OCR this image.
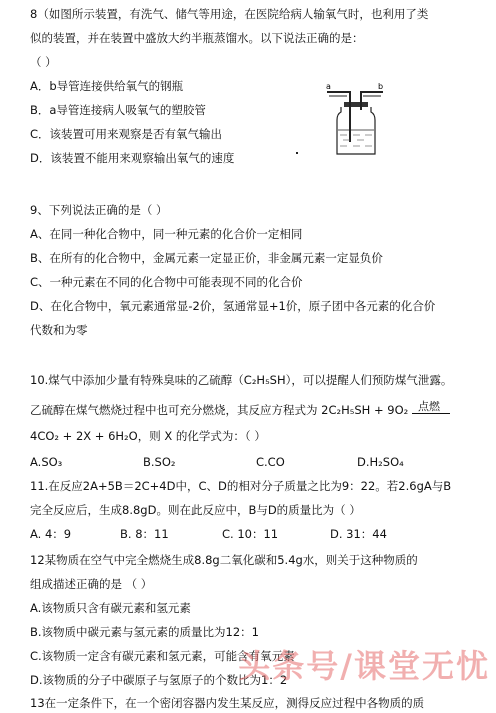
8（如图所示装置，有洗气、储气等用途，在医院给病人输氧气时，也利用了类
似的装置，并在装置中盛放大约半瓶蒸馏水。以下说法正确的是：
（ ）
A．b导管连接供给氧气的钢瓶
B．a导管连接病人吸氧气的塑胶管
C．该装置可用来观察是否有氧气输出
D．该装置不能用来观察输出氧气的速度
a	b
9、下列说法正确的是（ ）
A、在同一种化合物中，同一种元素的化合价一定相同
B、在所有的化合物中，金属元素一定显正价，非金属元素一定显负价
C、一种元素在不同的化合物中可能表现不同的化合价
D、在化合物中，氧元素通常显-2价，氢通常显+1价，原子团中各元素的化合价
代数和为零
10.煤气中添加少量有特殊臭味的乙硫醇（C₂H₅SH），可以提醒人们预防煤气泄露。
乙硫醇在煤气燃烧过程中也可充分燃烧，其反应方程式为 2C₂H₅SH + 9O₂ 点燃
4CO₂ + 2X + 6H₂O，则 X 的化学式为：（ ）
A.SO₃	B.SO₂	C.CO	D.H₂SO₄
11.在反应2A+5B＝2C+4D中，C、D的相对分子质量之比为9：22。若2.6gA与B
完全反应后，生成8.8gD。则在此反应中，B与D的质量比为（ ）
A. 4：9	B. 8：11	C. 10：11	D. 31：44
12某物质在空气中完全燃烧生成8.8g二氧化碳和5.4g水，则关于这种物质的
组成描述正确的是 （ ）
A.该物质只含有碳元素和氢元素
B.该物质中碳元素与氢元素的质量比为12：1
C.该物质一定含有碳元素和氢元素，可能含有氧元素
D.该物质的分子中碳原子与氢原子的个数比为1：2
13在一定条件下，在一个密闭容器内发生某反应，测得反应过程中各物质的质
头条号/课堂无忧
